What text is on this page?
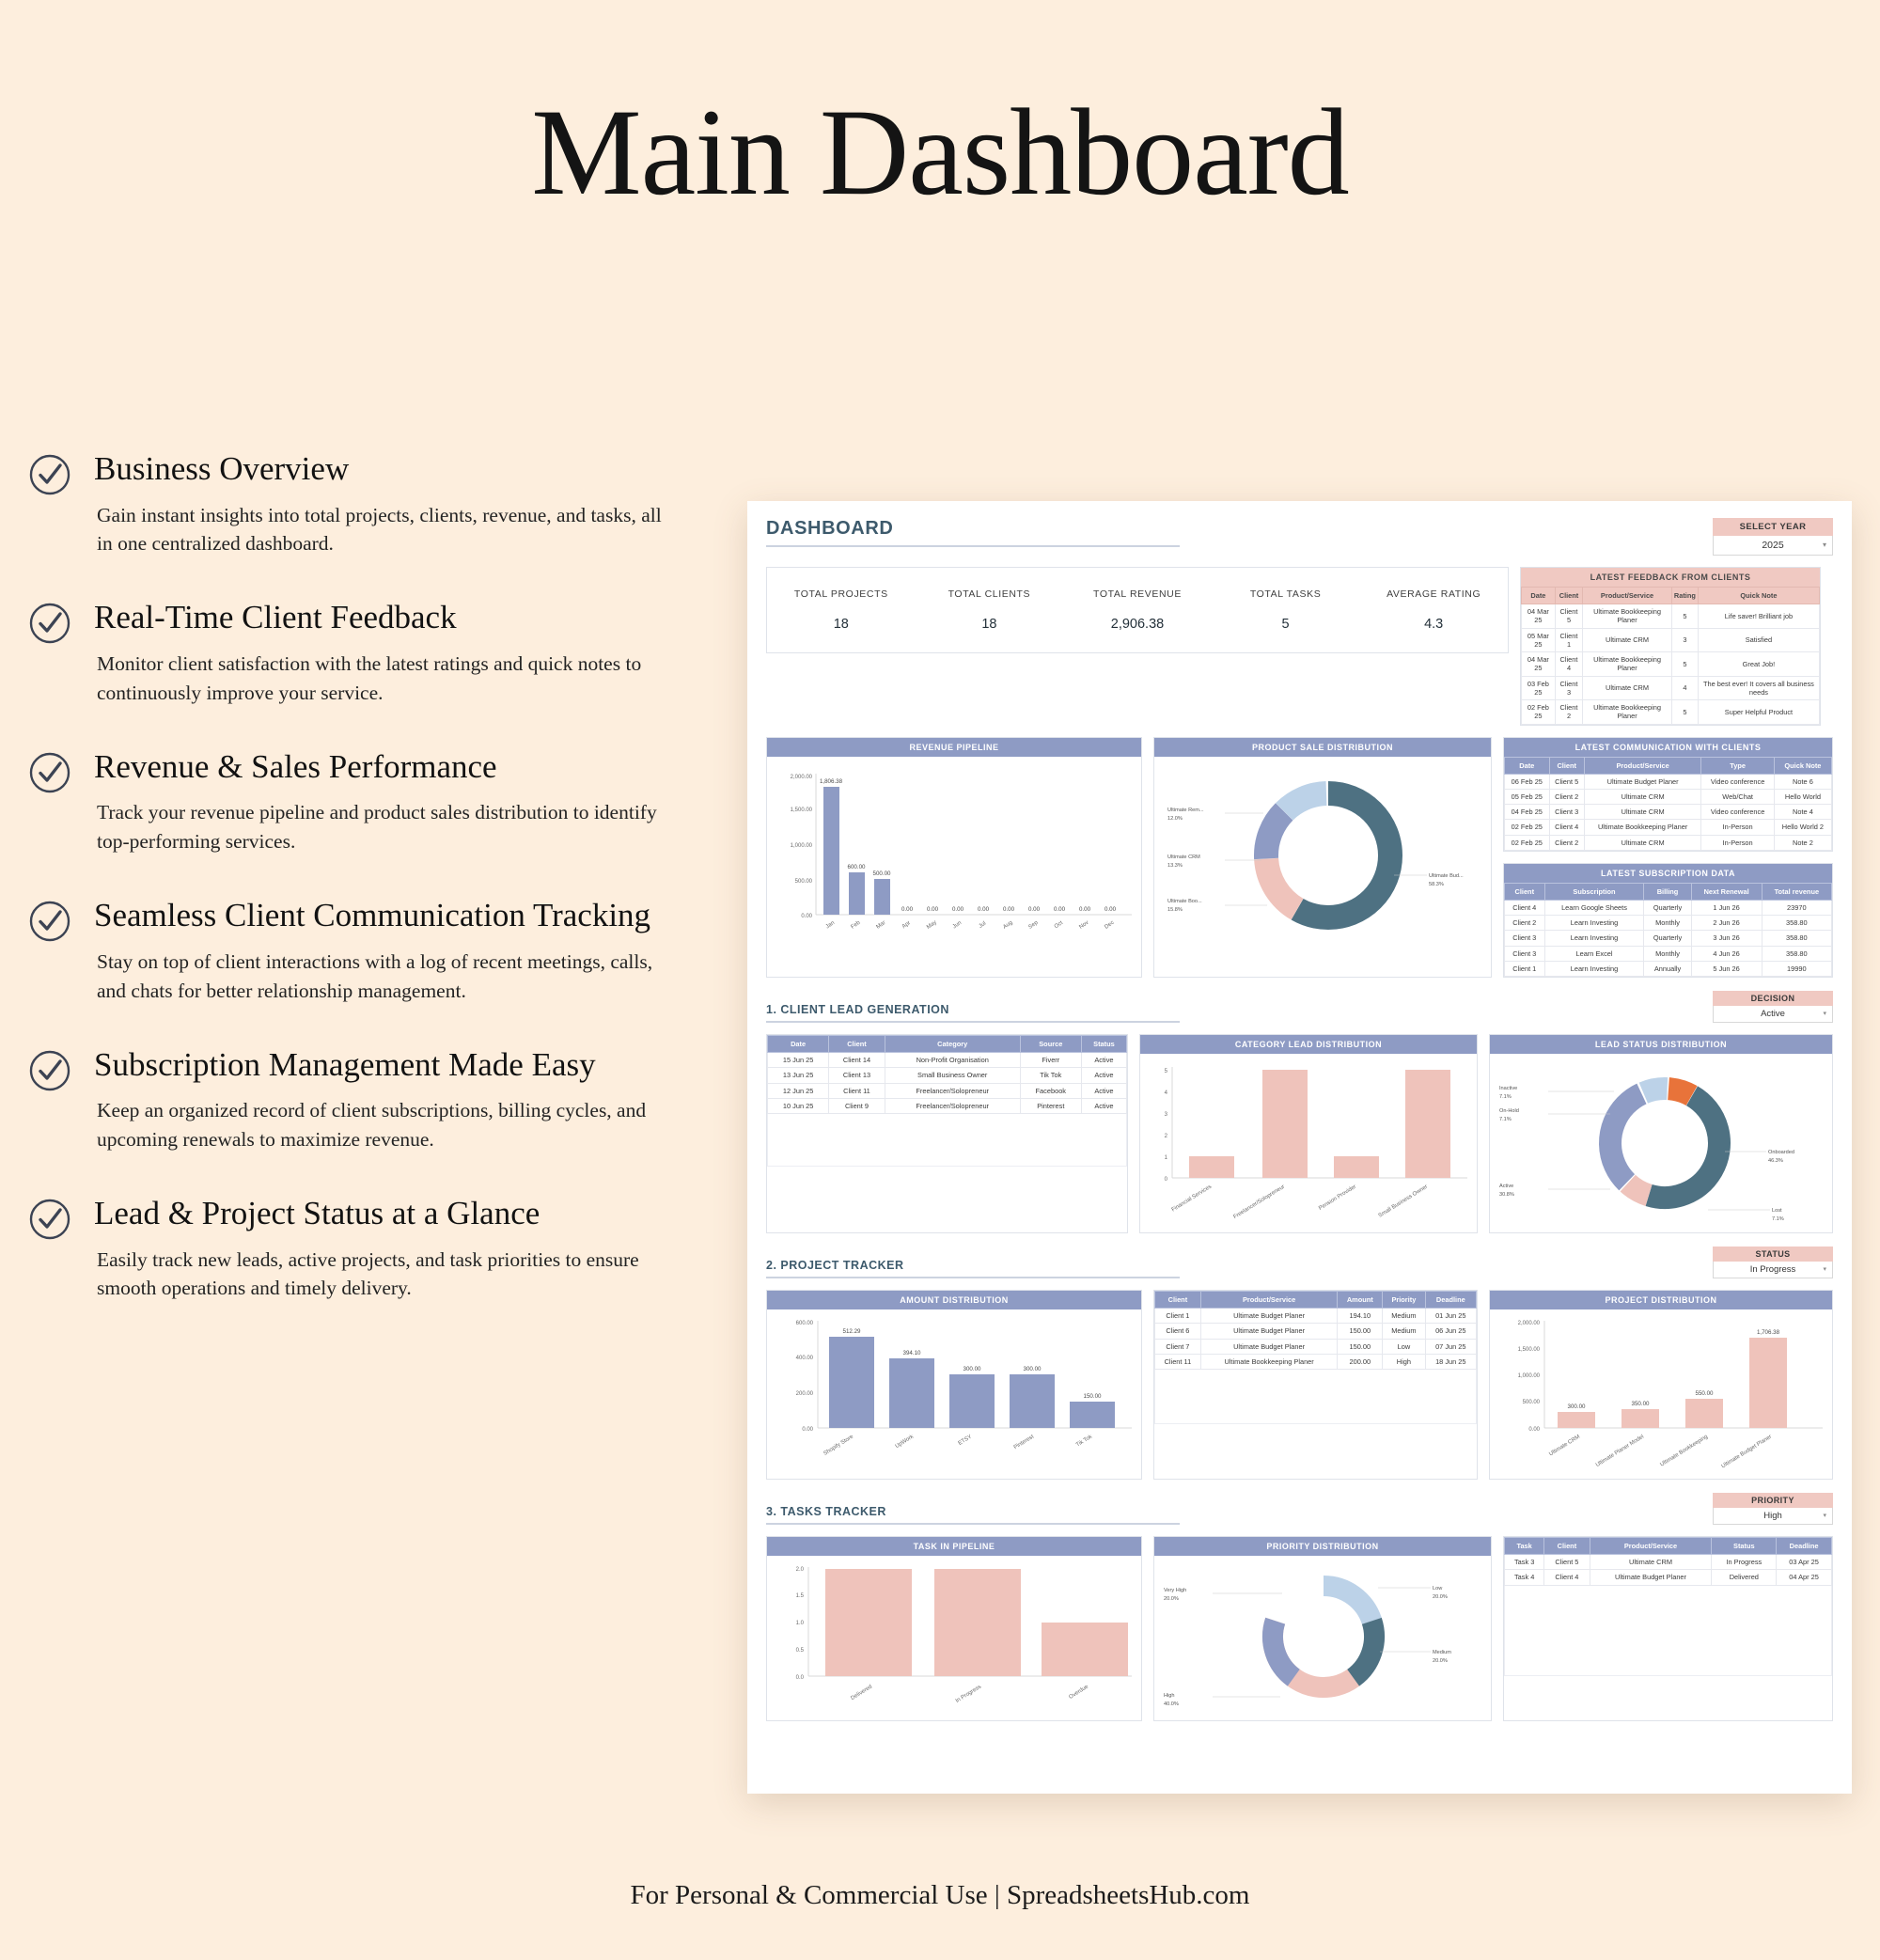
Main Dashboard
Business Overview

Gain instant insights into total projects, clients, revenue, and tasks, all in one centralized dashboard.

Real-Time Client Feedback

Monitor client satisfaction with the latest ratings and quick notes to continuously improve your service.

Revenue & Sales Performance

Track your revenue pipeline and product sales distribution to identify top-performing services.

Seamless Client Communication Tracking

Stay on top of client interactions with a log of recent meetings, calls, and chats for better relationship management.

Subscription Management Made Easy

Keep an organized record of client subscriptions, billing cycles, and upcoming renewals to maximize revenue.

Lead & Project Status at a Glance

Easily track new leads, active projects, and task priorities to ensure smooth operations and timely delivery.

For Personal & Commercial Use | SpreadsheetsHub.com
DASHBOARD	SELECT YEAR
2025	▾
TOTAL PROJECTS
18
TOTAL CLIENTS
18
TOTAL REVENUE
2,906.38
TOTAL TASKS
5
AVERAGE RATING
4.3
LATEST FEEDBACK FROM CLIENTS
Date	Client	Product/Service	Rating	Quick Note
04 Mar 25	Client 5	Ultimate Bookkeeping Planer	5	Life saver! Brilliant job
05 Mar 25	Client 1	Ultimate CRM	3	Satisfied
04 Mar 25	Client 4	Ultimate Bookkeeping Planer	5	Great Job!
03 Feb 25	Client 3	Ultimate CRM	4	The best ever! It covers all business needs
02 Feb 25	Client 2	Ultimate Bookkeeping Planer	5	Super Helpful Product
REVENUE PIPELINE
0.00
500.00
1,000.00
1,500.00
2,000.00
1,806.38
600.00
500.00
0.00 0.00 0.00 0.00 0.00 0.00 0.00 0.00 0.00
Jan	Feb	Mar	Apr	May Jun	Jul	Aug Sep	Oct	Nov Dec
PRODUCT SALE DISTRIBUTION
Ultimate Rem...
12.0%
Ultimate CRM
13.3%
Ultimate Boo...
15.8%
Ultimate Bud...
58.3%
LATEST COMMUNICATION WITH CLIENTS
Date	Client	Product/Service	Type	Quick Note
06 Feb 25	Client 5	Ultimate Budget Planer	Video conference	Note 6
05 Feb 25	Client 2	Ultimate CRM	Web/Chat	Hello World
04 Feb 25	Client 3	Ultimate CRM	Video conference	Note 4
02 Feb 25	Client 4	Ultimate Bookkeeping Planer	In-Person	Hello World 2
02 Feb 25	Client 2	Ultimate CRM	In-Person	Note 2
LATEST SUBSCRIPTION DATA
Client	Subscription	Billing	Next Renewal	Total revenue
Client 4	Learn Google Sheets	Quarterly	1 Jun 26	23970
Client 2	Learn Investing	Monthly	2 Jun 26	358.80
Client 3	Learn Investing	Quarterly	3 Jun 26	358.80
Client 3	Learn Excel	Monthly	4 Jun 26	358.80
Client 1	Learn Investing	Annually	5 Jun 26	19990
1. CLIENT LEAD GENERATION
DECISION
Active	▾
Date	Client	Category	Source	Status
15 Jun 25	Client 14	Non-Profit Organisation	Fiverr	Active
13 Jun 25	Client 13	Small Business Owner	Tik Tok	Active
12 Jun 25	Client 11	Freelancer/Solopreneur	Facebook	Active
10 Jun 25	Client 9	Freelancer/Solopreneur	Pinterest	Active

CATEGORY LEAD DISTRIBUTION
0
1
2
3
4
5
Financial Services	Freelancer/Solopreneur	Pension Provider	Small Business Owner
LEAD STATUS DISTRIBUTION
Inactive
7.1%
On-Hold
7.1%
Active
30.8%
Onboarded
46.3%
Lost
7.1%
2. PROJECT TRACKER
STATUS
In Progress	▾
AMOUNT DISTRIBUTION
0.00
200.00
400.00
600.00
512.29
394.10
300.00	300.00
150.00
Shopify Store	UpWork	ETSY	Pinterest	Tik Tok
Client	Product/Service	Amount	Priority	Deadline
Client 1	Ultimate Budget Planer	194.10	Medium	01 Jun 25
Client 6	Ultimate Budget Planer	150.00	Medium	06 Jun 25
Client 7	Ultimate Budget Planer	150.00	Low	07 Jun 25
Client 11	Ultimate Bookkeeping Planer	200.00	High	18 Jun 25

PROJECT DISTRIBUTION
0.00
500.00
1,000.00
1,500.00
2,000.00
300.00	350.00
550.00
1,706.38
Ultimate CRM Ultimate Planer Model	Ultimate Bookkeeping Ultimate Budget Planer
3. TASKS TRACKER
PRIORITY
High	▾
TASK IN PIPELINE
0.0
0.5
1.0
1.5
2.0
Delivered	In Progress	Overdue
PRIORITY DISTRIBUTION
Very High
20.0%
High
40.0%
Low
20.0%
Medium
20.0%
Task	Client	Product/Service	Status	Deadline
Task 3	Client 5	Ultimate CRM	In Progress	03 Apr 25
Task 4	Client 4	Ultimate Budget Planer	Delivered	04 Apr 25
